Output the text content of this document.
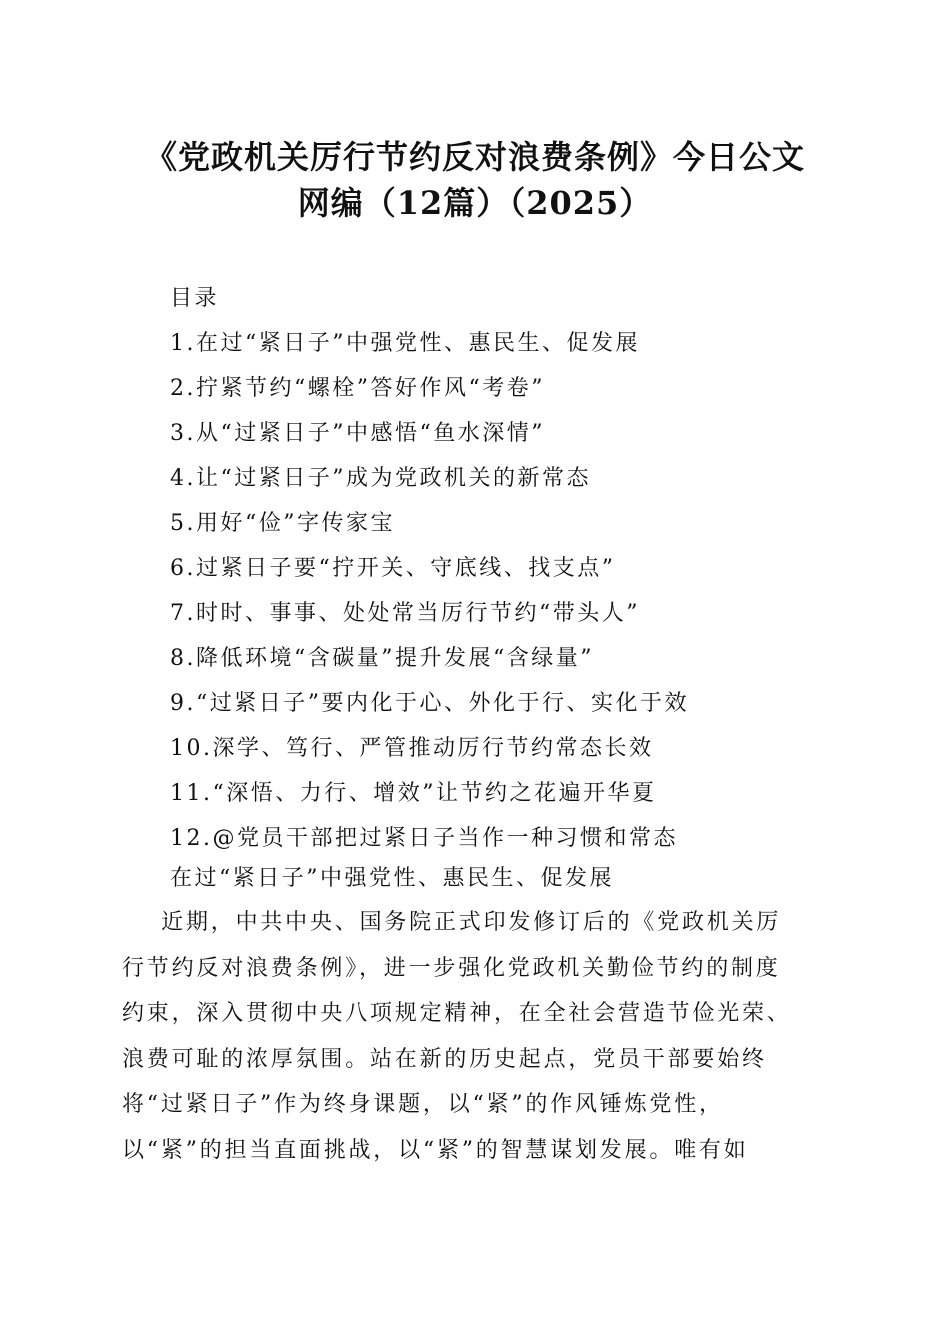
《党政机关厉行节约反对浪费条例》今日公文
网编（12篇）（2025）
目录
1.在过“紧日子”中强党性、惠民生、促发展
2.拧紧节约“螺栓”答好作风“考卷”
3.从“过紧日子”中感悟“鱼水深情”
4.让“过紧日子”成为党政机关的新常态
5.用好“俭”字传家宝
6.过紧日子要“拧开关、守底线、找支点”
7.时时、事事、处处常当厉行节约“带头人”
8.降低环境“含碳量”提升发展“含绿量”
9.“过紧日子”要内化于心、外化于行、实化于效
10.深学、笃行、严管推动厉行节约常态长效
11.“深悟、力行、增效”让节约之花遍开华夏
12.@党员干部把过紧日子当作一种习惯和常态
在过“紧日子”中强党性、惠民生、促发展
近期，中共中央、国务院正式印发修订后的《党政机关厉
行节约反对浪费条例》，进一步强化党政机关勤俭节约的制度
约束，深入贯彻中央八项规定精神，在全社会营造节俭光荣、
浪费可耻的浓厚氛围。站在新的历史起点，党员干部要始终
将“过紧日子”作为终身课题，以“紧”的作风锤炼党性，
以“紧”的担当直面挑战，以“紧”的智慧谋划发展。唯有如
